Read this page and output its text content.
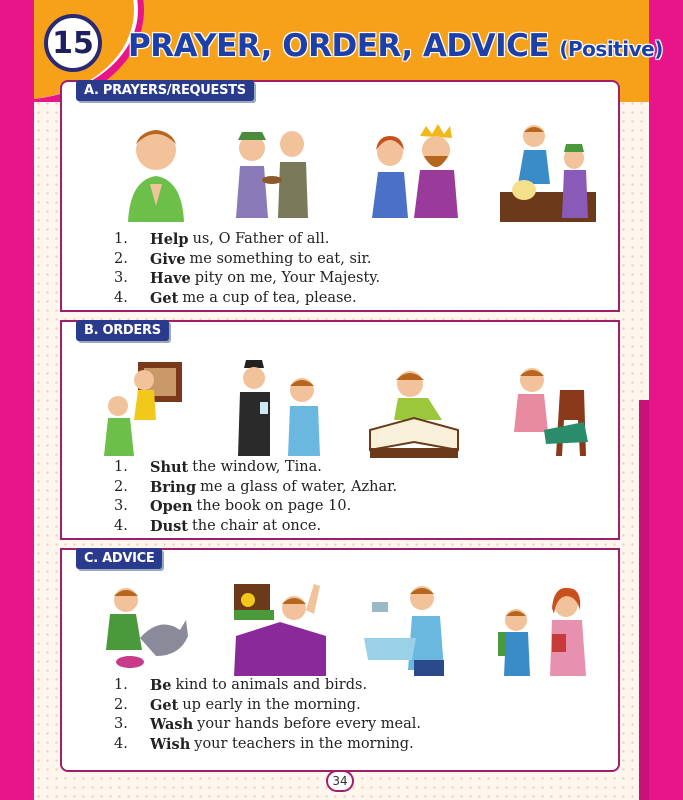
15 PRAYER, ORDER, ADVICE (Positive)
A. PRAYERS/REQUESTS
1.	Help us, O Father of all.
2.	Give me something to eat, sir.
3.	Have pity on me, Your Majesty.
4.	Get me a cup of tea, please.
B. ORDERS
1.	Shut the window, Tina.
2.	Bring me a glass of water, Azhar.
3.	Open the book on page 10.
4.	Dust the chair at once.
C. ADVICE
1.	Be kind to animals and birds.
2.	Get up early in the morning.
3.	Wash your hands before every meal.
4.	Wish your teachers in the morning.
34
